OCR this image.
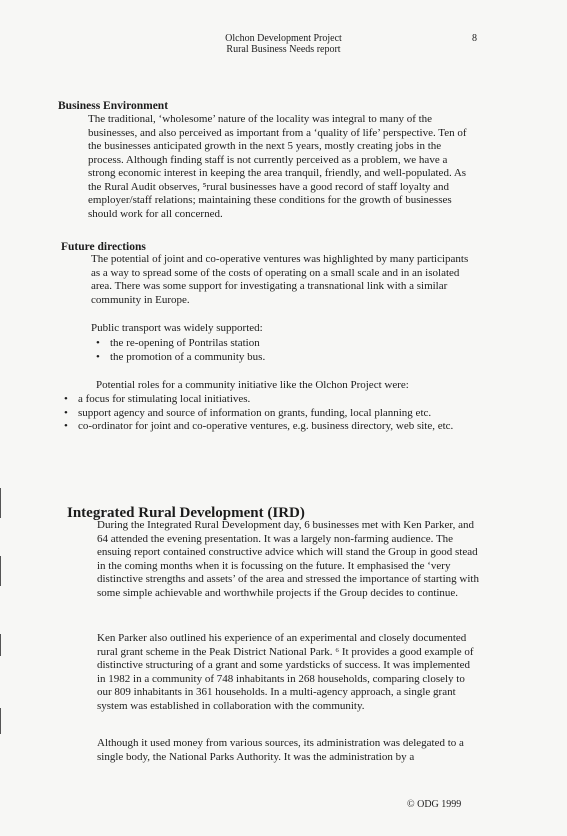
Olchon Development Project
Rural Business Needs report
8
Business Environment

The traditional, ‘wholesome’ nature of the locality was integral to many of the businesses, and also perceived as important from a ‘quality of life’ perspective. Ten of the businesses anticipated growth in the next 5 years, mostly creating jobs in the process. Although finding staff is not currently perceived as a problem, we have a strong economic interest in keeping the area tranquil, friendly, and well-populated. As the Rural Audit observes, ⁵rural businesses have a good record of staff loyalty and employer/staff relations; maintaining these conditions for the growth of businesses should work for all concerned.

Future directions

The potential of joint and co-operative ventures was highlighted by many participants as a way to spread some of the costs of operating on a small scale and in an isolated area. There was some support for investigating a transnational link with a similar community in Europe.

Public transport was widely supported:

• the re-opening of Pontrilas station
• the promotion of a community bus.

Potential roles for a community initiative like the Olchon Project were:

• a focus for stimulating local initiatives.
• support agency and source of information on grants, funding, local planning etc.
• co-ordinator for joint and co-operative ventures, e.g. business directory, web site, etc.
Integrated Rural Development (IRD)

During the Integrated Rural Development day, 6 businesses met with Ken Parker, and 64 attended the evening presentation. It was a largely non-farming audience. The ensuing report contained constructive advice which will stand the Group in good stead in the coming months when it is focussing on the future. It emphasised the ‘very distinctive strengths and assets’ of the area and stressed the importance of starting with some simple achievable and worthwhile projects if the Group decides to continue.

Ken Parker also outlined his experience of an experimental and closely documented rural grant scheme in the Peak District National Park. ⁶ It provides a good example of distinctive structuring of a grant and some yardsticks of success. It was implemented in 1982 in a community of 748 inhabitants in 268 households, comparing closely to our 809 inhabitants in 361 households. In a multi-agency approach, a single grant system was established in collaboration with the community.

Although it used money from various sources, its administration was delegated to a single body, the National Parks Authority. It was the administration by a

© ODG 1999
